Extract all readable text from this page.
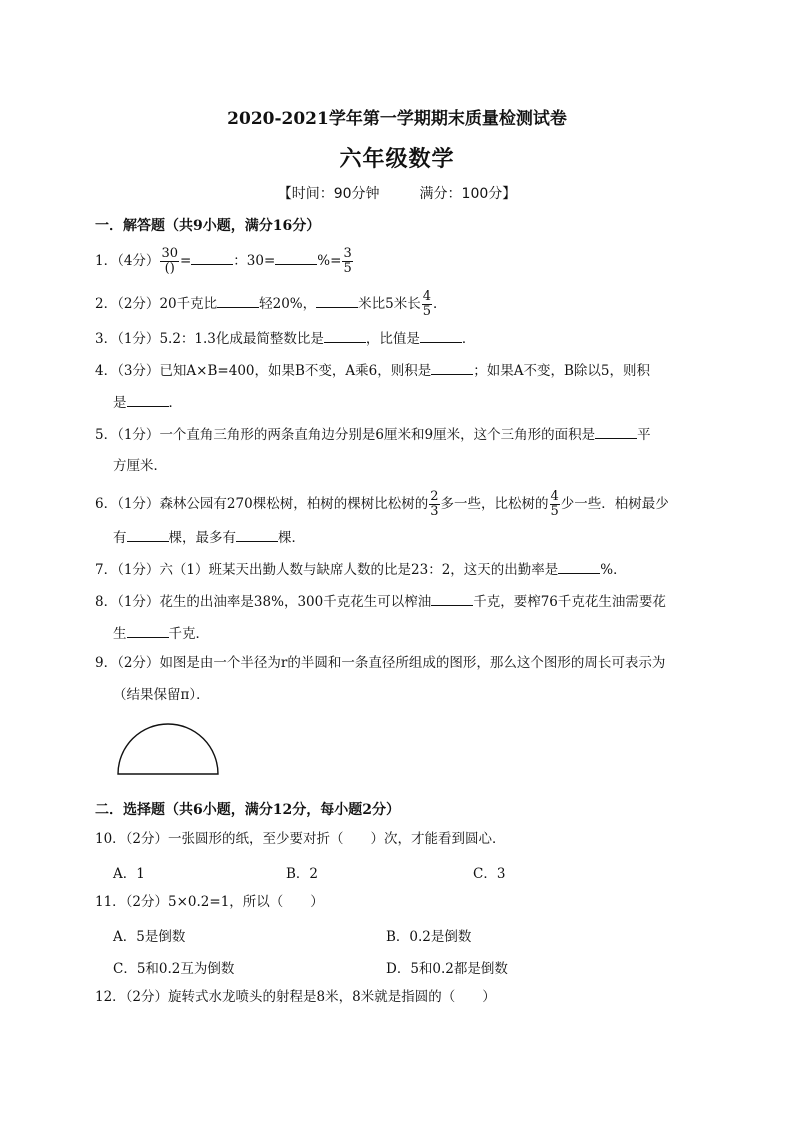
2020-2021学年第一学期期末质量检测试卷
六年级数学
【时间：90分钟	满分：100分】
一．解答题（共9小题，满分16分）
1．（4分） $\frac{30}{()}$ =	：30=	%= $\frac{3}{5}$
2．（2分）20千克比	轻20%，	米比5米长 $\frac{4}{5}$ ．
3．（1分）5.2：1.3化成最简整数比是	，比值是	．
4．（3分）已知A×B=400，如果B不变，A乘6，则积是	；如果A不变，B除以5，则积
是	．
5．（1分）一个直角三角形的两条直角边分别是6厘米和9厘米，这个三角形的面积是	平
方厘米．
6．（1分）森林公园有270棵松树，柏树的棵树比松树的 $\frac{2}{3}$ 多一些，比松树的 $\frac{4}{5}$ 少一些．柏树最少
有	棵，最多有	棵．
7．（1分）六（1）班某天出勤人数与缺席人数的比是23：2，这天的出勤率是	%．
8．（1分）花生的出油率是38%，300千克花生可以榨油	千克，要榨76千克花生油需要花
生	千克．
9．（2分）如图是由一个半径为r的半圆和一条直径所组成的图形，那么这个图形的周长可表示为
（结果保留π）．
二．选择题（共6小题，满分12分，每小题2分）
10．（2分）一张圆形的纸，至少要对折（　　）次，才能看到圆心．
A．1	B．2	C．3
11．（2分）5×0.2=1，所以（　　）
A．5是倒数	B．0.2是倒数
C．5和0.2互为倒数	D．5和0.2都是倒数
12．（2分）旋转式水龙喷头的射程是8米，8米就是指圆的（　　）
